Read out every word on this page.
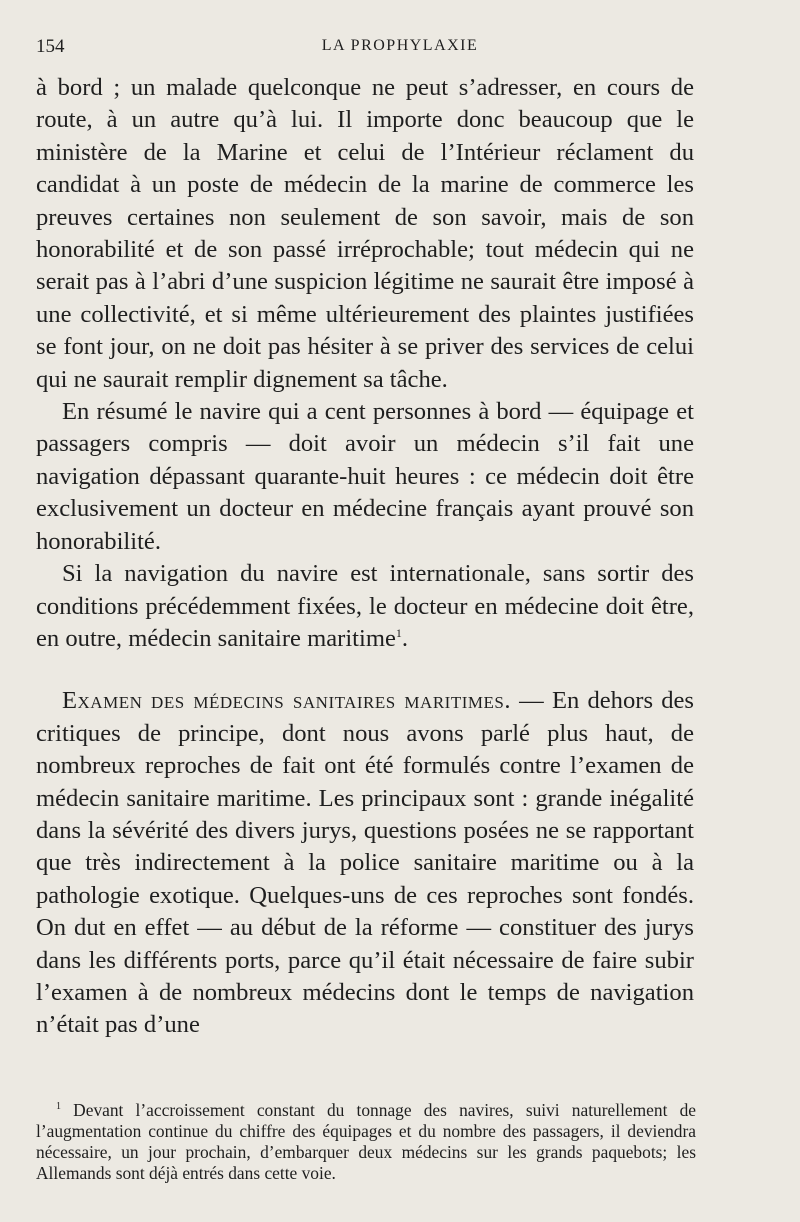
154	LA PROPHYLAXIE

à bord ; un malade quelconque ne peut s’adresser, en cours de route, à un autre qu’à lui. Il importe donc beaucoup que le ministère de la Marine et celui de l’Intérieur réclament du candidat à un poste de médecin de la marine de commerce les preuves certaines non seulement de son savoir, mais de son honorabilité et de son passé irréprochable; tout médecin qui ne serait pas à l’abri d’une suspicion légitime ne saurait être imposé à une collectivité, et si même ultérieurement des plaintes justifiées se font jour, on ne doit pas hésiter à se priver des services de celui qui ne saurait remplir dignement sa tâche.

En résumé le navire qui a cent personnes à bord — équipage et passagers compris — doit avoir un médecin s’il fait une navigation dépassant quarante-huit heures : ce médecin doit être exclusivement un docteur en médecine français ayant prouvé son honorabilité.

Si la navigation du navire est internationale, sans sortir des conditions précédemment fixées, le docteur en médecine doit être, en outre, médecin sanitaire maritime$^1$.

Examen des médecins sanitaires maritimes. — En dehors des critiques de principe, dont nous avons parlé plus haut, de nombreux reproches de fait ont été formulés contre l’examen de médecin sanitaire maritime. Les principaux sont : grande inégalité dans la sévérité des divers jurys, questions posées ne se rapportant que très indirectement à la police sanitaire maritime ou à la pathologie exotique. Quelques-uns de ces reproches sont fondés. On dut en effet — au début de la réforme — constituer des jurys dans les différents ports, parce qu’il était nécessaire de faire subir l’examen à de nombreux médecins dont le temps de navigation n’était pas d’une

$^1$ Devant l’accroissement constant du tonnage des navires, suivi naturellement de l’augmentation continue du chiffre des équipages et du nombre des passagers, il deviendra nécessaire, un jour prochain, d’embarquer deux médecins sur les grands paquebots; les Allemands sont déjà entrés dans cette voie.
